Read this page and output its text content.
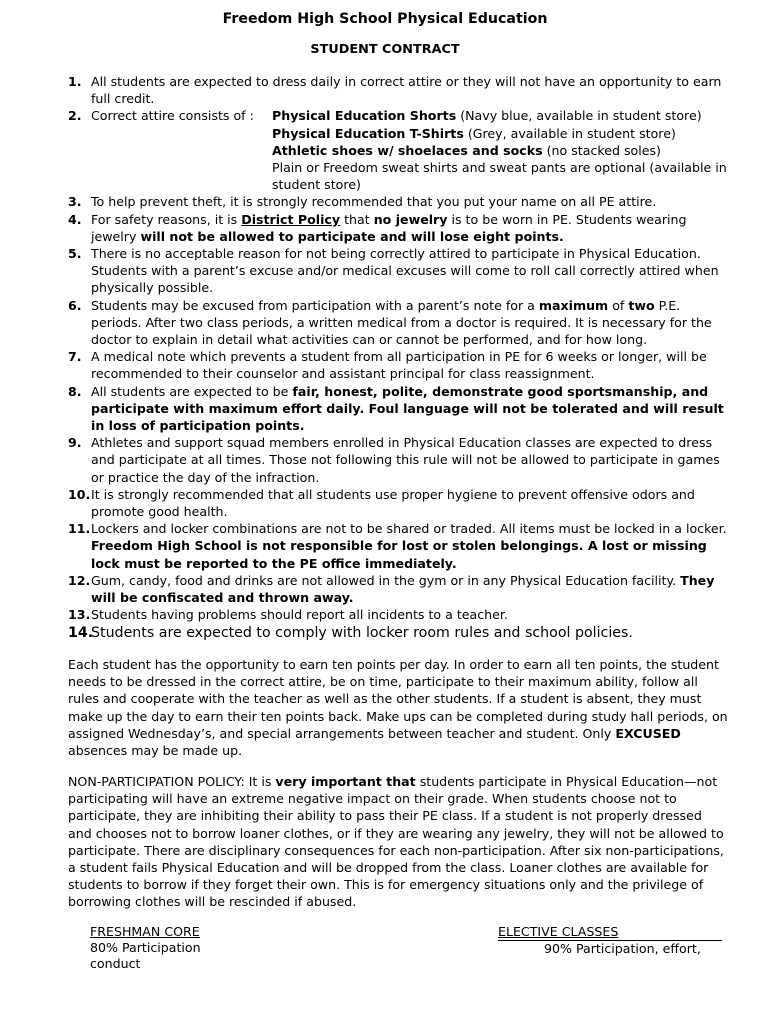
Freedom High School Physical Education
STUDENT CONTRACT
1. All students are expected to dress daily in correct attire or they will not have an opportunity to earn full credit.
2. Correct attire consists of : Physical Education Shorts (Navy blue, available in student store)
Physical Education T-Shirts (Grey, available in student store)
Athletic shoes w/ shoelaces and socks (no stacked soles)
Plain or Freedom sweat shirts and sweat pants are optional (available in student store)
3. To help prevent theft, it is strongly recommended that you put your name on all PE attire.
4. For safety reasons, it is District Policy that no jewelry is to be worn in PE. Students wearing jewelry will not be allowed to participate and will lose eight points.
5. There is no acceptable reason for not being correctly attired to participate in Physical Education. Students with a parent’s excuse and/or medical excuses will come to roll call correctly attired when physically possible.
6. Students may be excused from participation with a parent’s note for a maximum of two P.E. periods. After two class periods, a written medical from a doctor is required. It is necessary for the doctor to explain in detail what activities can or cannot be performed, and for how long.
7. A medical note which prevents a student from all participation in PE for 6 weeks or longer, will be recommended to their counselor and assistant principal for class reassignment.
8. All students are expected to be fair, honest, polite, demonstrate good sportsmanship, and participate with maximum effort daily. Foul language will not be tolerated and will result in loss of participation points.
9. Athletes and support squad members enrolled in Physical Education classes are expected to dress and participate at all times. Those not following this rule will not be allowed to participate in games or practice the day of the infraction.
10. It is strongly recommended that all students use proper hygiene to prevent offensive odors and promote good health.
11. Lockers and locker combinations are not to be shared or traded. All items must be locked in a locker. Freedom High School is not responsible for lost or stolen belongings. A lost or missing lock must be reported to the PE office immediately.
12. Gum, candy, food and drinks are not allowed in the gym or in any Physical Education facility. They will be confiscated and thrown away.
13. Students having problems should report all incidents to a teacher.
14.
Students are expected to comply with locker room rules and school policies.
Each student has the opportunity to earn ten points per day. In order to earn all ten points, the student needs to be dressed in the correct attire, be on time, participate to their maximum ability, follow all rules and cooperate with the teacher as well as the other students. If a student is absent, they must make up the day to earn their ten points back. Make ups can be completed during study hall periods, on assigned Wednesday’s, and special arrangements between teacher and student. Only EXCUSED absences may be made up.
NON-PARTICIPATION POLICY: It is very important that students participate in Physical Education—not participating will have an extreme negative impact on their grade. When students choose not to participate, they are inhibiting their ability to pass their PE class. If a student is not properly dressed and chooses not to borrow loaner clothes, or if they are wearing any jewelry, they will not be allowed to participate. There are disciplinary consequences for each non-participation. After six non-participations, a student fails Physical Education and will be dropped from the class. Loaner clothes are available for students to borrow if they forget their own. This is for emergency situations only and the privilege of borrowing clothes will be rescinded if abused.
FRESHMAN CORE
80% Participation
conduct
ELECTIVE CLASSES
90% Participation, effort,
